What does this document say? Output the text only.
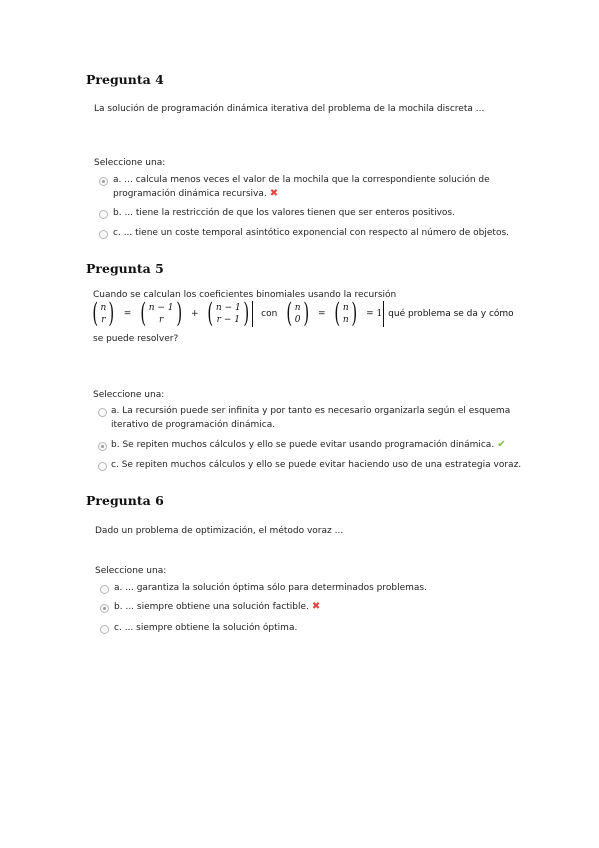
Pregunta 4
La solución de programación dinámica iterativa del problema de la mochila discreta ...
Seleccione una:
a. ... calcula menos veces el valor de la mochila que la correspondiente solución de
programación dinámica recursiva. ✖
b. ... tiene la restricción de que los valores tienen que ser enteros positivos.
c. ... tiene un coste temporal asintótico exponencial con respecto al número de objetos.
Pregunta 5
Cuando se calculan los coeficientes binomiales usando la recursión
( n
r ) = ( n − 1
r ) + ( n − 1
r − 1 ) con ( n
0 ) = ( n
n ) = 1 qué problema se da y cómo
se puede resolver?
Seleccione una:
a. La recursión puede ser infinita y por tanto es necesario organizarla según el esquema
iterativo de programación dinámica.
b. Se repiten muchos cálculos y ello se puede evitar usando programación dinámica. ✔
c. Se repiten muchos cálculos y ello se puede evitar haciendo uso de una estrategia voraz.
Pregunta 6
Dado un problema de optimización, el método voraz ...
Seleccione una:
a. ... garantiza la solución óptima sólo para determinados problemas.
b. ... siempre obtiene una solución factible. ✖
c. ... siempre obtiene la solución óptima.
